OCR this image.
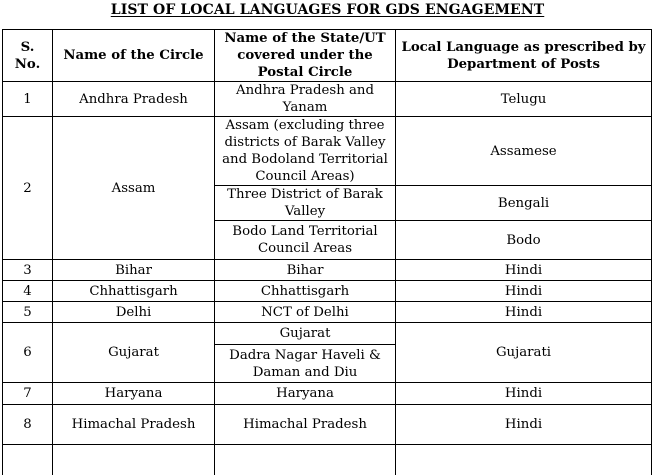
LIST OF LOCAL LANGUAGES FOR GDS ENGAGEMENT
S. No.	Name of the Circle	Name of the State/UT covered under the Postal Circle	Local Language as prescribed by Department of Posts
1	Andhra Pradesh	Andhra Pradesh and Yanam	Telugu
2	Assam	Assam (excluding three districts of Barak Valley and Bodoland Territorial Council Areas)	Assamese
		Three District of Barak Valley	Bengali
		Bodo Land Territorial Council Areas	Bodo
3	Bihar	Bihar	Hindi
4	Chhattisgarh	Chhattisgarh	Hindi
5	Delhi	NCT of Delhi	Hindi
6	Gujarat	Gujarat	Gujarati
		Dadra Nagar Haveli & Daman and Diu	
7	Haryana	Haryana	Hindi
8	Himachal Pradesh	Himachal Pradesh	Hindi
